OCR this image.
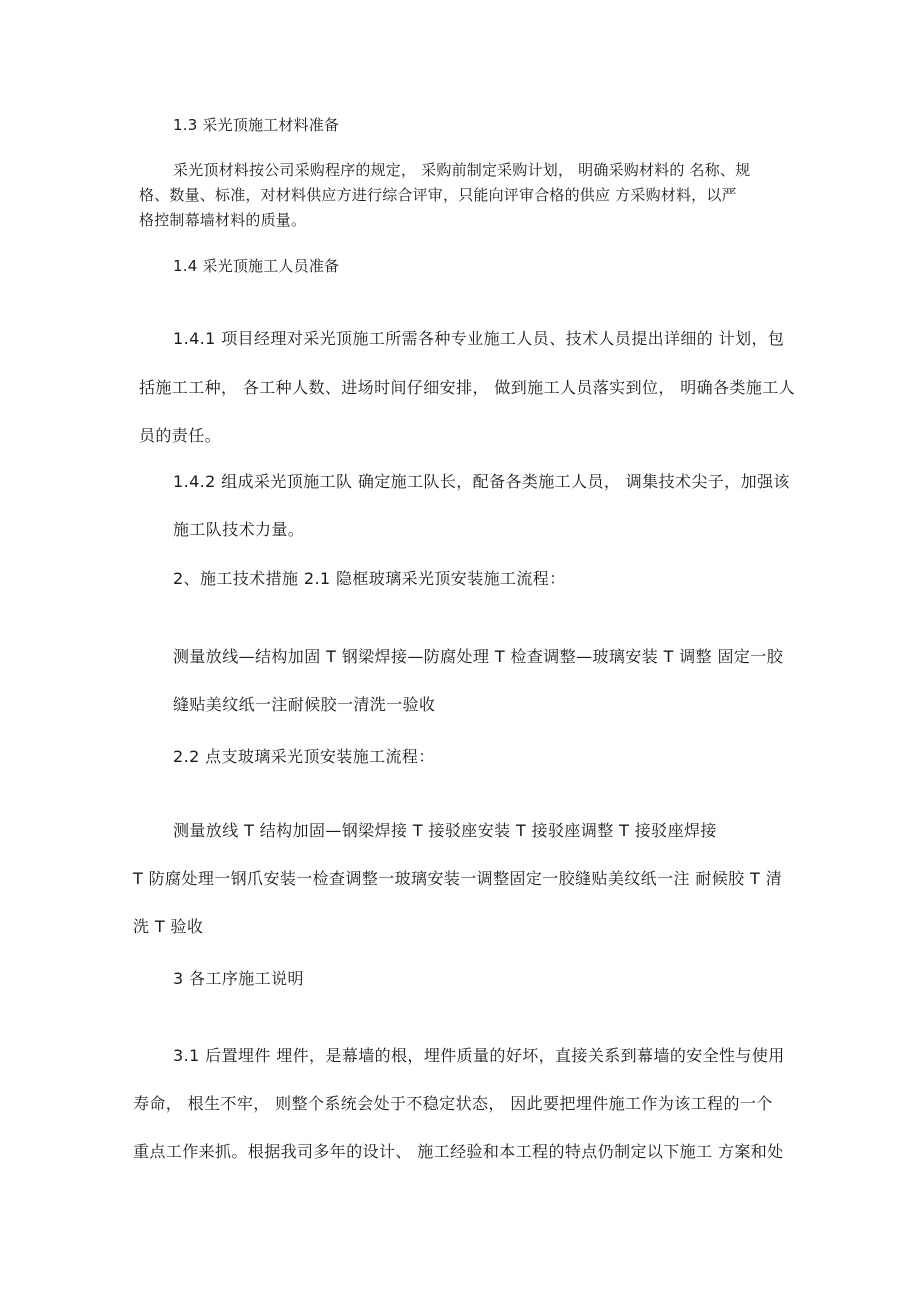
1.3 采光顶施工材料准备
采光顶材料按公司采购程序的规定， 采购前制定采购计划， 明确采购材料的 名称、规
格、数量、标准，对材料供应方进行综合评审，只能向评审合格的供应 方采购材料，以严
格控制幕墙材料的质量。
1.4 采光顶施工人员准备
1.4.1 项目经理对采光顶施工所需各种专业施工人员、技术人员提出详细的 计划，包
括施工工种， 各工种人数、进场时间仔细安排， 做到施工人员落实到位， 明确各类施工人
员的责任。
1.4.2 组成采光顶施工队 确定施工队长，配备各类施工人员， 调集技术尖子，加强该
施工队技术力量。
2、施工技术措施 2.1 隐框玻璃采光顶安装施工流程：
测量放线—结构加固 T 钢梁焊接—防腐处理 T 检查调整—玻璃安装 T 调整 固定一胶
缝贴美纹纸一注耐候胶一清洗一验收
2.2 点支玻璃采光顶安装施工流程：
测量放线 T 结构加固—钢梁焊接 T 接驳座安装 T 接驳座调整 T 接驳座焊接
T 防腐处理一钢爪安装一检查调整一玻璃安装一调整固定一胶缝贴美纹纸一注 耐候胶 T 清
洗 T 验收
3 各工序施工说明
3.1 后置埋件 埋件，是幕墙的根，埋件质量的好坏，直接关系到幕墙的安全性与使用
寿命， 根生不牢， 则整个系统会处于不稳定状态， 因此要把埋件施工作为该工程的一个
重点工作来抓。根据我司多年的设计、 施工经验和本工程的特点仍制定以下施工 方案和处
